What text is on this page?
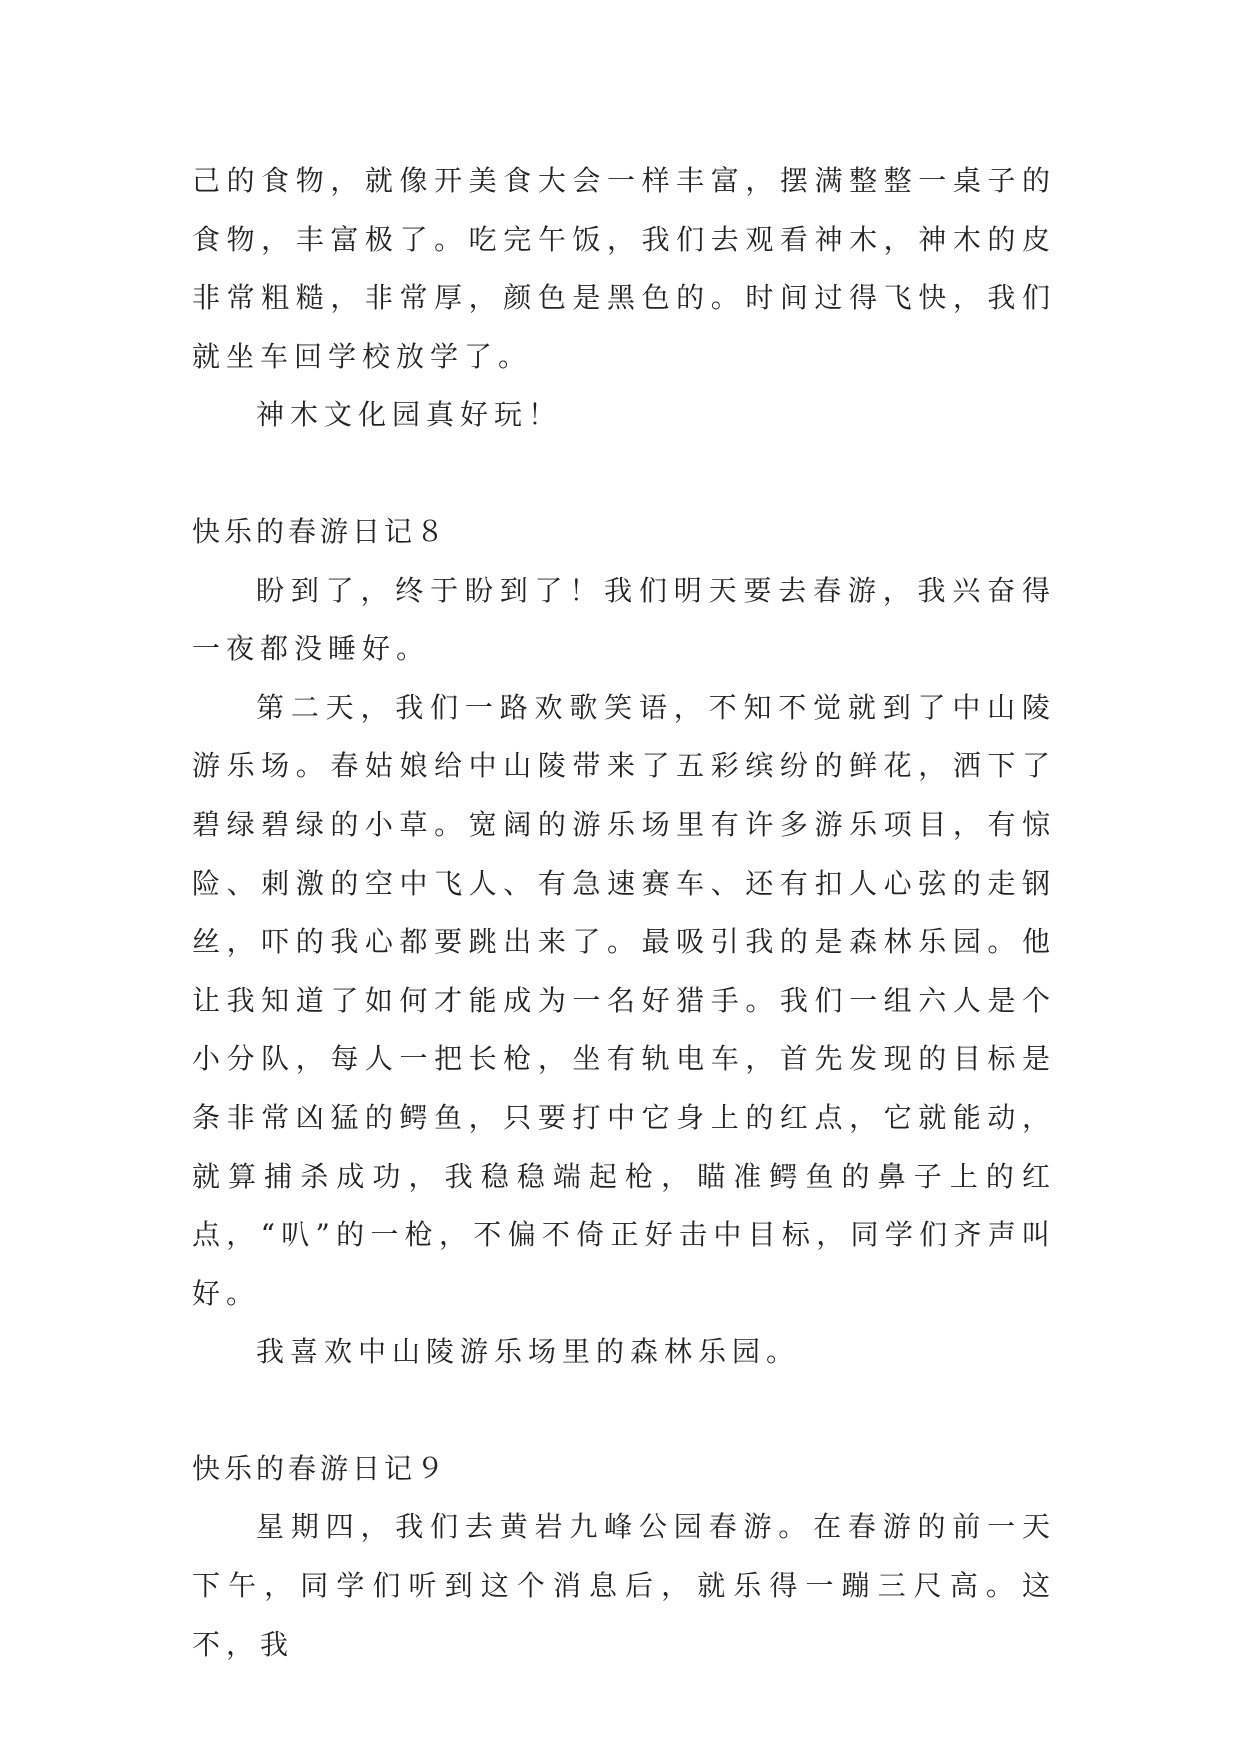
己的食物，就像开美食大会一样丰富，摆满整整一桌子的食物，丰富极了。吃完午饭，我们去观看神木，神木的皮非常粗糙，非常厚，颜色是黑色的。时间过得飞快，我们就坐车回学校放学了。

神木文化园真好玩！

快乐的春游日记８

盼到了，终于盼到了！我们明天要去春游，我兴奋得一夜都没睡好。

第二天，我们一路欢歌笑语，不知不觉就到了中山陵游乐场。春姑娘给中山陵带来了五彩缤纷的鲜花，洒下了碧绿碧绿的小草。宽阔的游乐场里有许多游乐项目，有惊险、刺激的空中飞人、有急速赛车、还有扣人心弦的走钢丝，吓的我心都要跳出来了。最吸引我的是森林乐园。他让我知道了如何才能成为一名好猎手。我们一组六人是个小分队，每人一把长枪，坐有轨电车，首先发现的目标是条非常凶猛的鳄鱼，只要打中它身上的红点，它就能动，就算捕杀成功，我稳稳端起枪，瞄准鳄鱼的鼻子上的红点，“叭”的一枪，不偏不倚正好击中目标，同学们齐声叫好。

我喜欢中山陵游乐场里的森林乐园。

快乐的春游日记９

星期四，我们去黄岩九峰公园春游。在春游的前一天下午，同学们听到这个消息后，就乐得一蹦三尺高。这不，我
